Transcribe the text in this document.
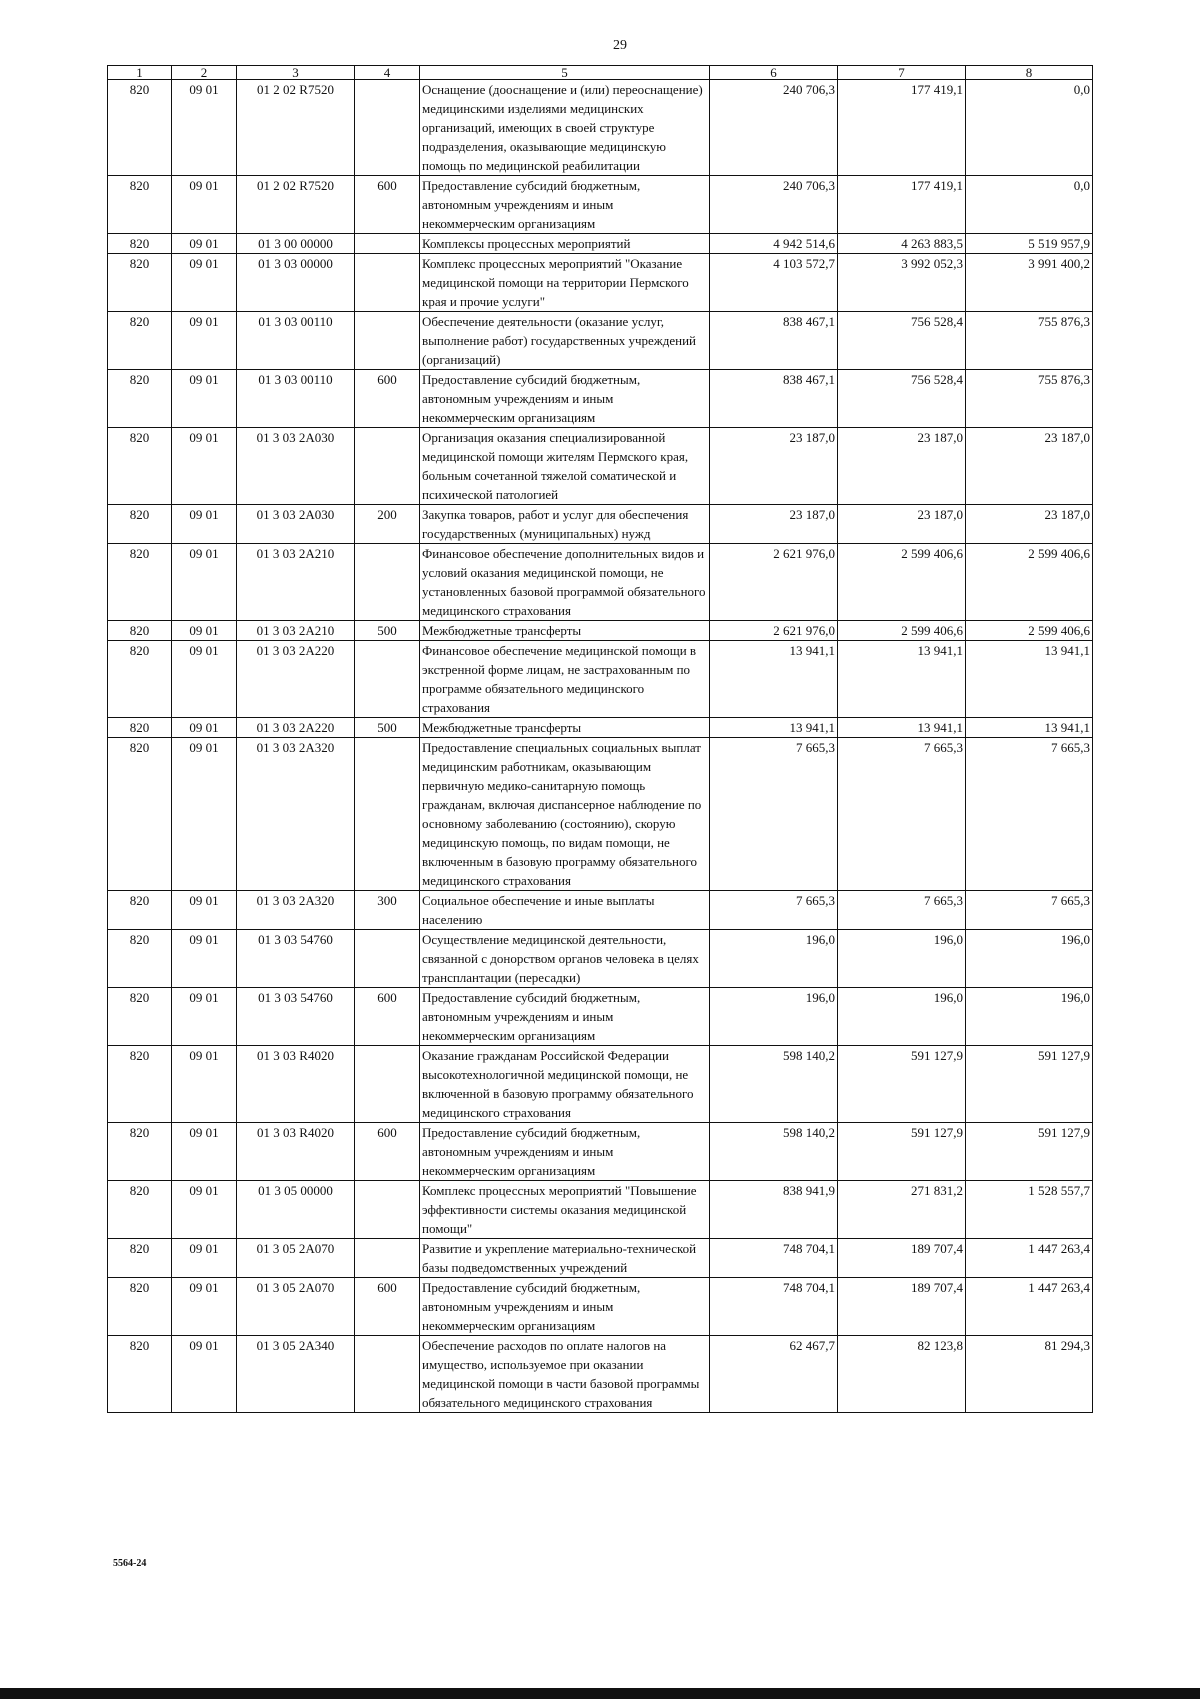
29
1	2	3	4	5	6	7	8
820	09 01	01 2 02 R7520		Оснащение (дооснащение и (или) переоснащение) медицинскими изделиями медицинских организаций, имеющих в своей структуре подразделения, оказывающие медицинскую помощь по медицинской реабилитации	240 706,3	177 419,1	0,0
820	09 01	01 2 02 R7520	600	Предоставление субсидий бюджетным, автономным учреждениям и иным некоммерческим организациям	240 706,3	177 419,1	0,0
820	09 01	01 3 00 00000		Комплексы процессных мероприятий	4 942 514,6	4 263 883,5	5 519 957,9
820	09 01	01 3 03 00000		Комплекс процессных мероприятий "Оказание медицинской помощи на территории Пермского края и прочие услуги"	4 103 572,7	3 992 052,3	3 991 400,2
820	09 01	01 3 03 00110		Обеспечение деятельности (оказание услуг, выполнение работ) государственных учреждений (организаций)	838 467,1	756 528,4	755 876,3
820	09 01	01 3 03 00110	600	Предоставление субсидий бюджетным, автономным учреждениям и иным некоммерческим организациям	838 467,1	756 528,4	755 876,3
820	09 01	01 3 03 2А030		Организация оказания специализированной медицинской помощи жителям Пермского края, больным сочетанной тяжелой соматической и психической патологией	23 187,0	23 187,0	23 187,0
820	09 01	01 3 03 2А030	200	Закупка товаров, работ и услуг для обеспечения государственных (муниципальных) нужд	23 187,0	23 187,0	23 187,0
820	09 01	01 3 03 2А210		Финансовое обеспечение дополнительных видов и условий оказания медицинской помощи, не установленных базовой программой обязательного медицинского страхования	2 621 976,0	2 599 406,6	2 599 406,6
820	09 01	01 3 03 2А210	500	Межбюджетные трансферты	2 621 976,0	2 599 406,6	2 599 406,6
820	09 01	01 3 03 2А220		Финансовое обеспечение медицинской помощи в экстренной форме лицам, не застрахованным по программе обязательного медицинского страхования	13 941,1	13 941,1	13 941,1
820	09 01	01 3 03 2А220	500	Межбюджетные трансферты	13 941,1	13 941,1	13 941,1
820	09 01	01 3 03 2А320		Предоставление специальных социальных выплат медицинским работникам, оказывающим первичную медико-санитарную помощь гражданам, включая диспансерное наблюдение по основному заболеванию (состоянию), скорую медицинскую помощь, по видам помощи, не включенным в базовую программу обязательного медицинского страхования	7 665,3	7 665,3	7 665,3
820	09 01	01 3 03 2А320	300	Социальное обеспечение и иные выплаты населению	7 665,3	7 665,3	7 665,3
820	09 01	01 3 03 54760		Осуществление медицинской деятельности, связанной с донорством органов человека в целях трансплантации (пересадки)	196,0	196,0	196,0
820	09 01	01 3 03 54760	600	Предоставление субсидий бюджетным, автономным учреждениям и иным некоммерческим организациям	196,0	196,0	196,0
820	09 01	01 3 03 R4020		Оказание гражданам Российской Федерации высокотехнологичной медицинской помощи, не включенной в базовую программу обязательного медицинского страхования	598 140,2	591 127,9	591 127,9
820	09 01	01 3 03 R4020	600	Предоставление субсидий бюджетным, автономным учреждениям и иным некоммерческим организациям	598 140,2	591 127,9	591 127,9
820	09 01	01 3 05 00000		Комплекс процессных мероприятий "Повышение эффективности системы оказания медицинской помощи"	838 941,9	271 831,2	1 528 557,7
820	09 01	01 3 05 2А070		Развитие и укрепление материально-технической базы подведомственных учреждений	748 704,1	189 707,4	1 447 263,4
820	09 01	01 3 05 2А070	600	Предоставление субсидий бюджетным, автономным учреждениям и иным некоммерческим организациям	748 704,1	189 707,4	1 447 263,4
820	09 01	01 3 05 2А340		Обеспечение расходов по оплате налогов на имущество, используемое при оказании медицинской помощи в части базовой программы обязательного медицинского страхования	62 467,7	82 123,8	81 294,3
5564-24
